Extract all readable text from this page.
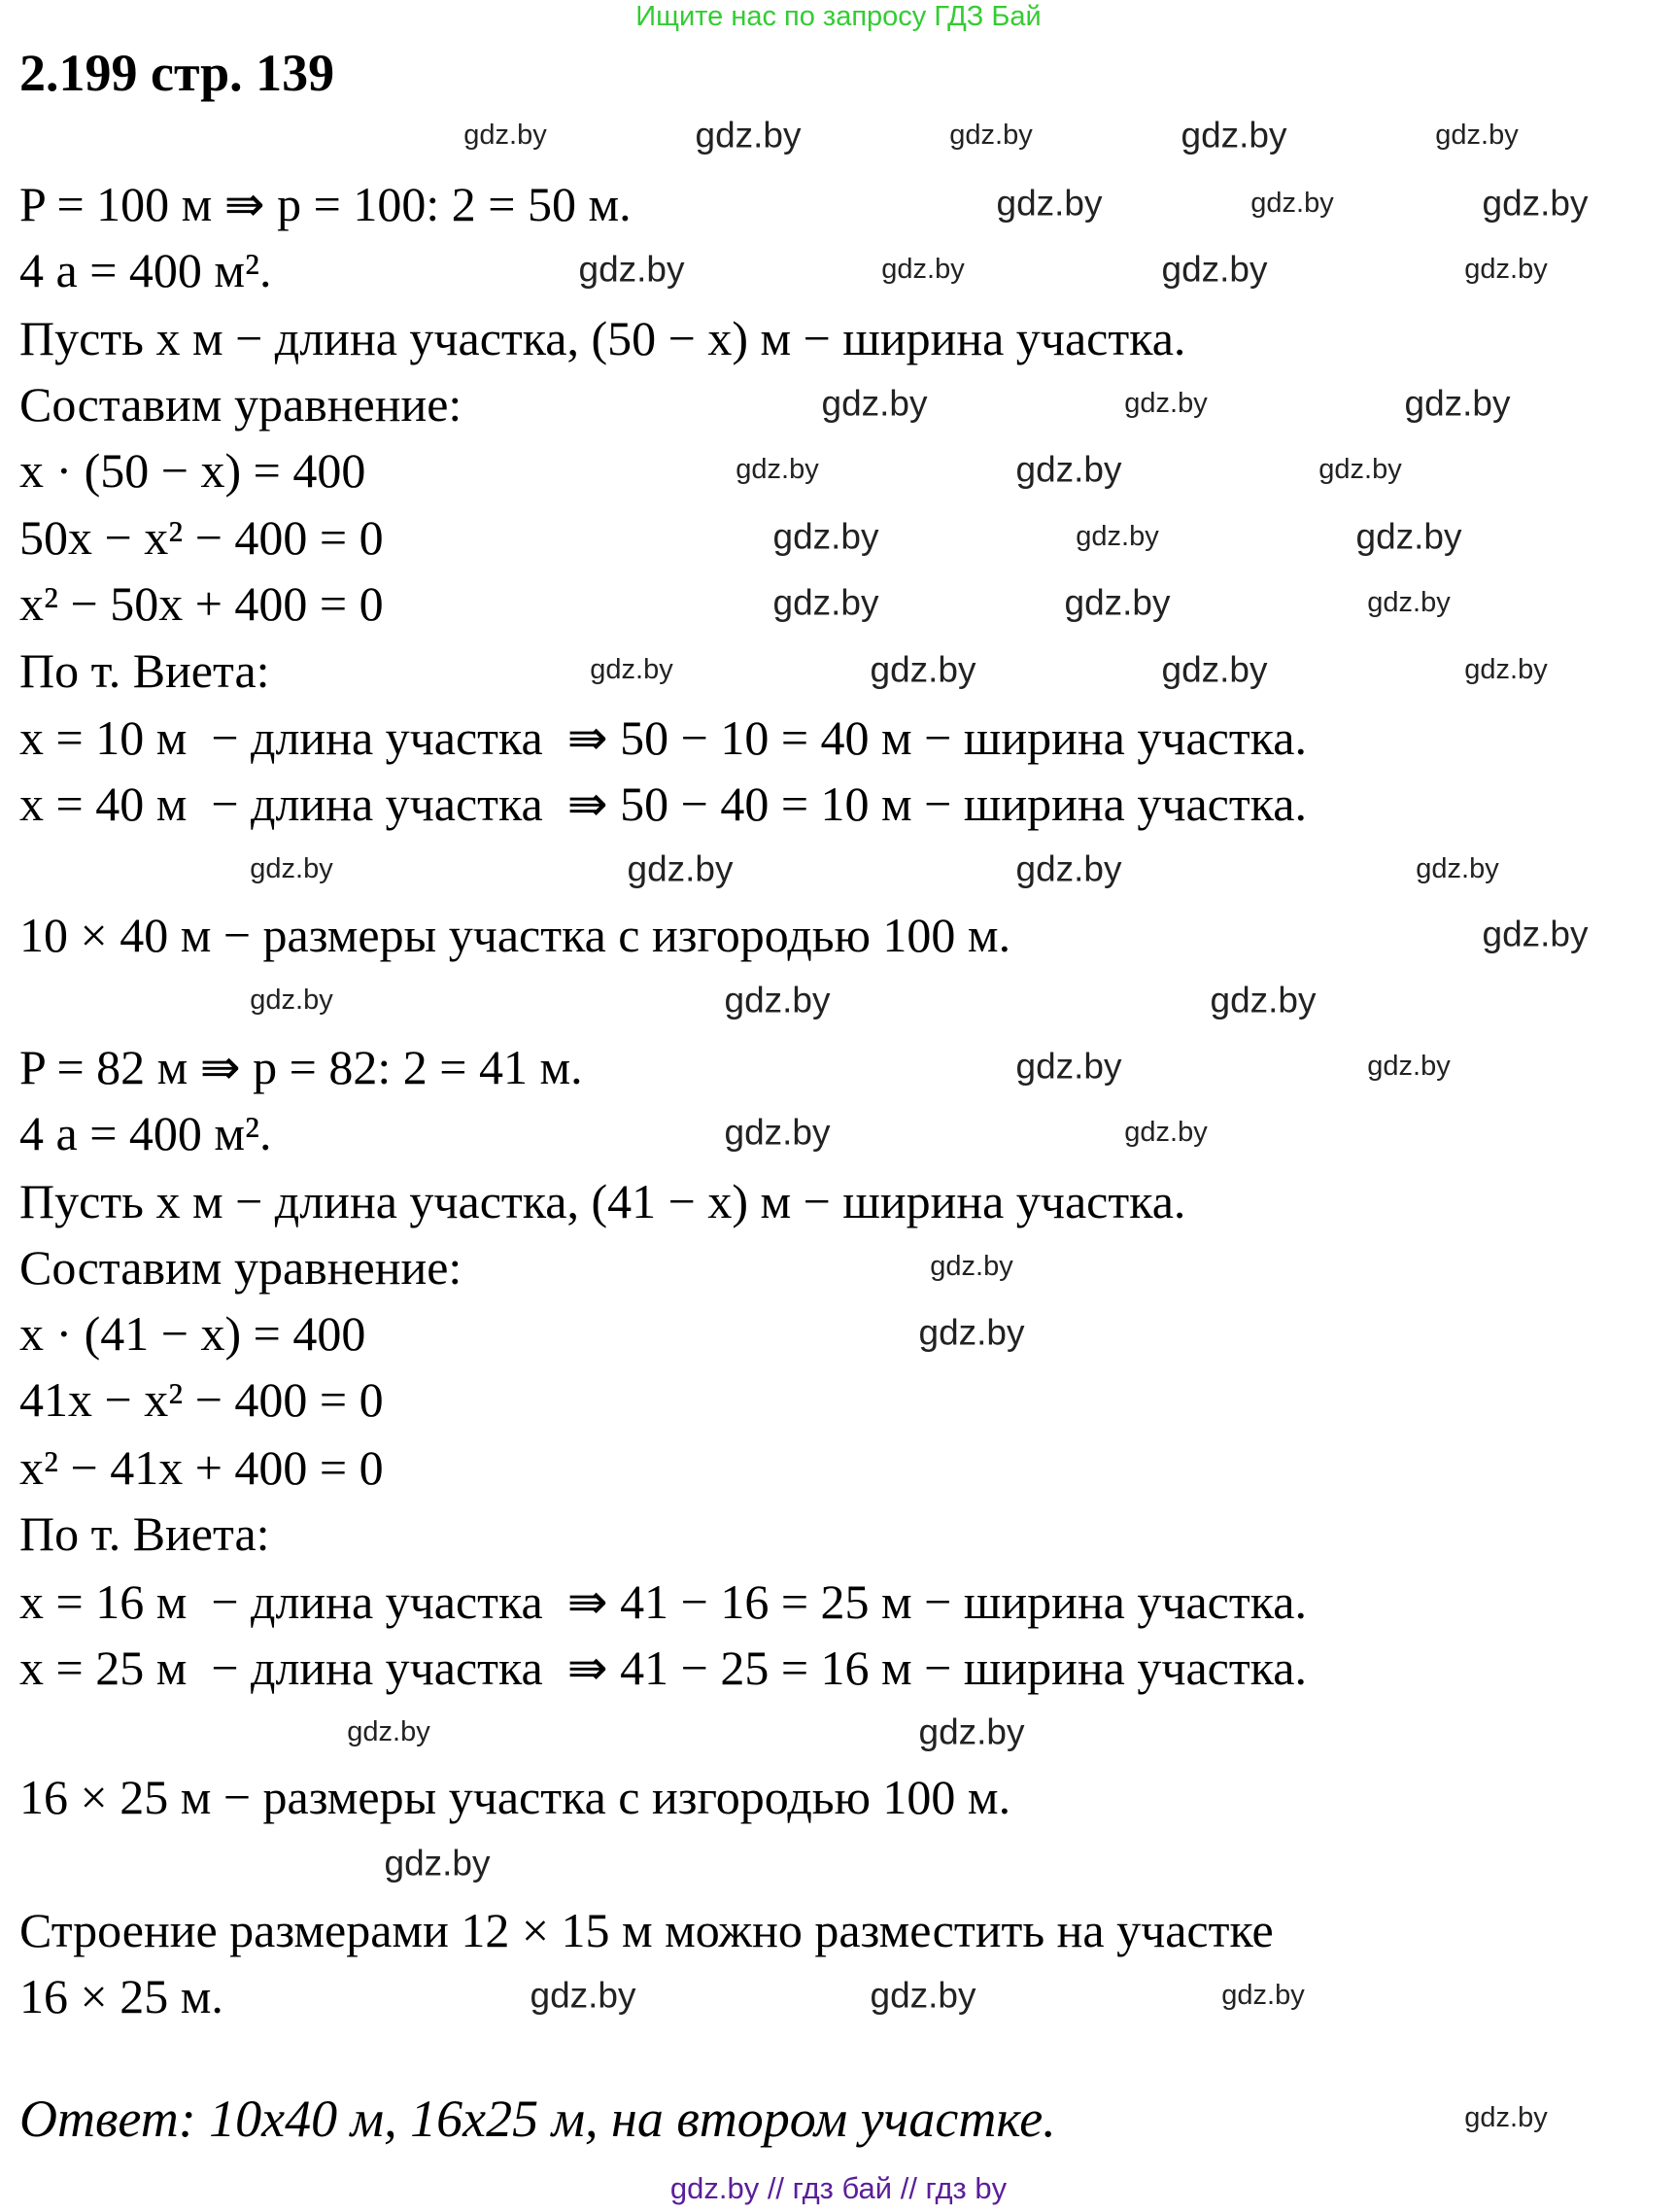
Ищите нас по запросу ГДЗ Бай
2.199 стр. 139
P = 100 м ⇛ p = 100: 2 = 50 м.
4 а = 400 м².
Пусть x м − длина участка, (50 − x) м − ширина участка.
Составим уравнение:
x · (50 − x) = 400
50x − x² − 400 = 0
x² − 50x + 400 = 0
По т. Виета:
x = 10 м  − длина участка  ⇛ 50 − 10 = 40 м − ширина участка.
x = 40 м  − длина участка  ⇛ 50 − 40 = 10 м − ширина участка.
10 × 40 м − размеры участка с изгородью 100 м.
P = 82 м ⇛ p = 82: 2 = 41 м.
4 а = 400 м².
Пусть x м − длина участка, (41 − x) м − ширина участка.
Составим уравнение:
x · (41 − x) = 400
41x − x² − 400 = 0
x² − 41x + 400 = 0
По т. Виета:
x = 16 м  − длина участка  ⇛ 41 − 16 = 25 м − ширина участка.
x = 25 м  − длина участка  ⇛ 41 − 25 = 16 м − ширина участка.
16 × 25 м − размеры участка с изгородью 100 м.
Строение размерами 12 × 15 м можно разместить на участке
16 × 25 м.
Ответ: 10x40 м, 16x25 м, на втором участке.
gdz.by	gdz.by	gdz.by	gdz.by	gdz.by
gdz.by	gdz.by	gdz.by
gdz.by	gdz.by	gdz.by	gdz.by
gdz.by	gdz.by	gdz.by
gdz.by	gdz.by	gdz.by
gdz.by	gdz.by	gdz.by
gdz.by	gdz.by	gdz.by
gdz.by	gdz.by	gdz.by	gdz.by
gdz.by	gdz.by	gdz.by	gdz.by
gdz.by
gdz.by	gdz.by	gdz.by
gdz.by	gdz.by
gdz.by	gdz.by
gdz.by
gdz.by
gdz.by	gdz.by
gdz.by
gdz.by	gdz.by	gdz.by
gdz.by
gdz.by // гдз бай // гдз by
